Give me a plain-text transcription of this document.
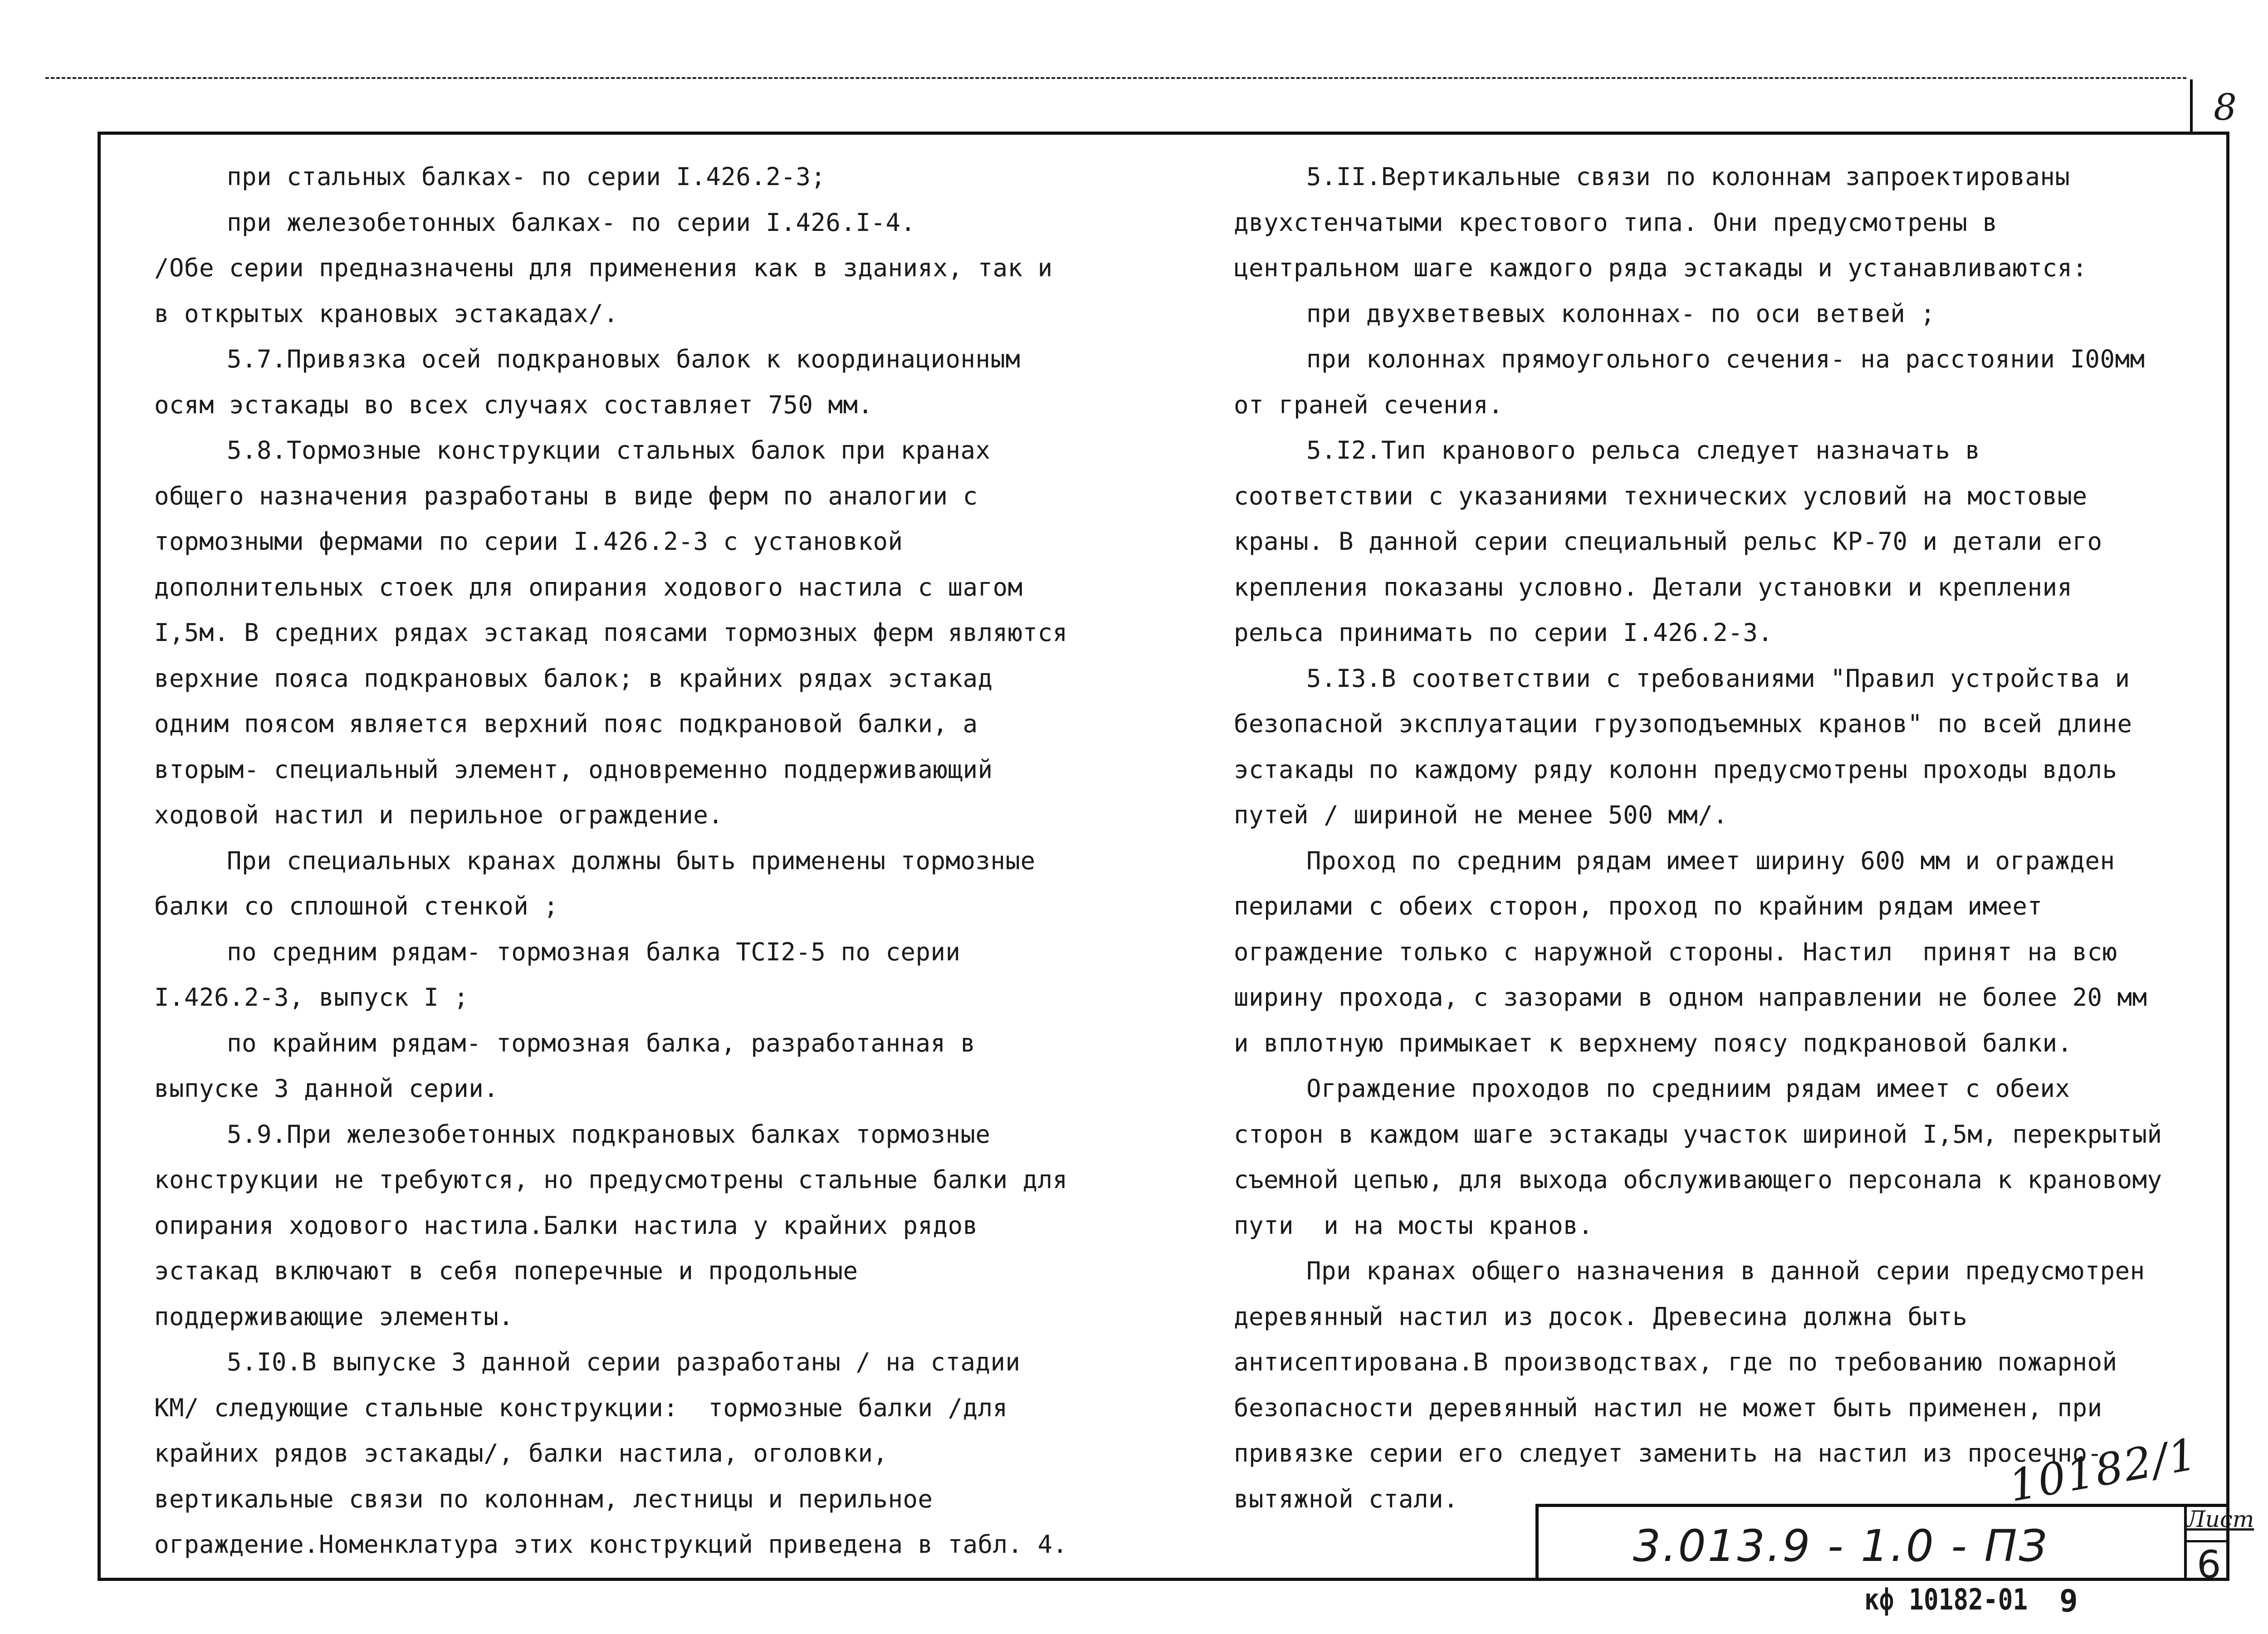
8

при стальных балках- по серии I.426.2-3;

при железобетонных балках- по серии I.426.I-4.

/Обе серии предназначены для применения как в зданиях, так и в открытых крановых эстакадах/.

5.7.Привязка осей подкрановых балок к координационным осям эстакады во всех случаях составляет 750 мм.

5.8.Тормозные конструкции стальных балок при кранах общего назначения разработаны в виде ферм по аналогии с тормозными фермами по серии I.426.2-3 с установкой дополнительных стоек для опирания ходового настила с шагом I,5м. В средних рядах эстакад поясами тормозных ферм являются верхние пояса подкрановых балок; в крайних рядах эстакад одним поясом является верхний пояс подкрановой балки, а вторым- специальный элемент, одновременно поддерживающий ходовой настил и перильное ограждение.

При специальных кранах должны быть применены тормозные балки со сплошной стенкой ;

по средним рядам- тормозная балка ТСI2-5 по серии I.426.2-3, выпуск I ;

по крайним рядам- тормозная балка, разработанная в выпуске 3 данной серии.

5.9.При железобетонных подкрановых балках тормозные конструкции не требуются, но предусмотрены стальные балки для опирания ходового настила.Балки настила у крайних рядов эстакад включают в себя поперечные и продольные поддерживающие элементы.

5.I0.В выпуске 3 данной серии разработаны / на стадии КМ/ следующие стальные конструкции:  тормозные балки /для крайних рядов эстакады/, балки настила, оголовки, вертикальные связи по колоннам, лестницы и перильное ограждение.Номенклатура этих конструкций приведена в табл. 4.

5.II.Вертикальные связи по колоннам запроектированы двухстенчатыми крестового типа. Они предусмотрены в центральном шаге каждого ряда эстакады и устанавливаются:

при двухветвевых колоннах- по оси ветвей ;

при колоннах прямоугольного сечения- на расстоянии I00мм от граней сечения.

5.I2.Тип кранового рельса следует назначать в соответствии с указаниями технических условий на мостовые краны. В данной серии специальный рельс КР-70 и детали его крепления показаны условно. Детали установки и крепления рельса принимать по серии I.426.2-3.

5.I3.В соответствии с требованиями "Правил устройства и безопасной эксплуатации грузоподъемных кранов" по всей длине эстакады по каждому ряду колонн предусмотрены проходы вдоль путей / шириной не менее 500 мм/.

Проход по средним рядам имеет ширину 600 мм и огражден перилами с обеих сторон, проход по крайним рядам имеет ограждение только с наружной стороны. Настил  принят на всю ширину прохода, с зазорами в одном направлении не более 20 мм и вплотную примыкает к верхнему поясу подкрановой балки.

Ограждение проходов по средниим рядам имеет с обеих сторон в каждом шаге эстакады участок шириной I,5м, перекрытый съемной цепью, для выхода обслуживающего персонала к крановому пути  и на мосты кранов.

При кранах общего назначения в данной серии предусмотрен деревянный настил из досок. Древесина должна быть антисептирована.В производствах, где по требованию пожарной безопасности деревянный настил не может быть применен, при привязке серии его следует заменить на настил из просечно-вытяжной стали.	10182/1
3.013.9 - 1.0 - ПЗ
Лист
6
кф 10182-01 9
